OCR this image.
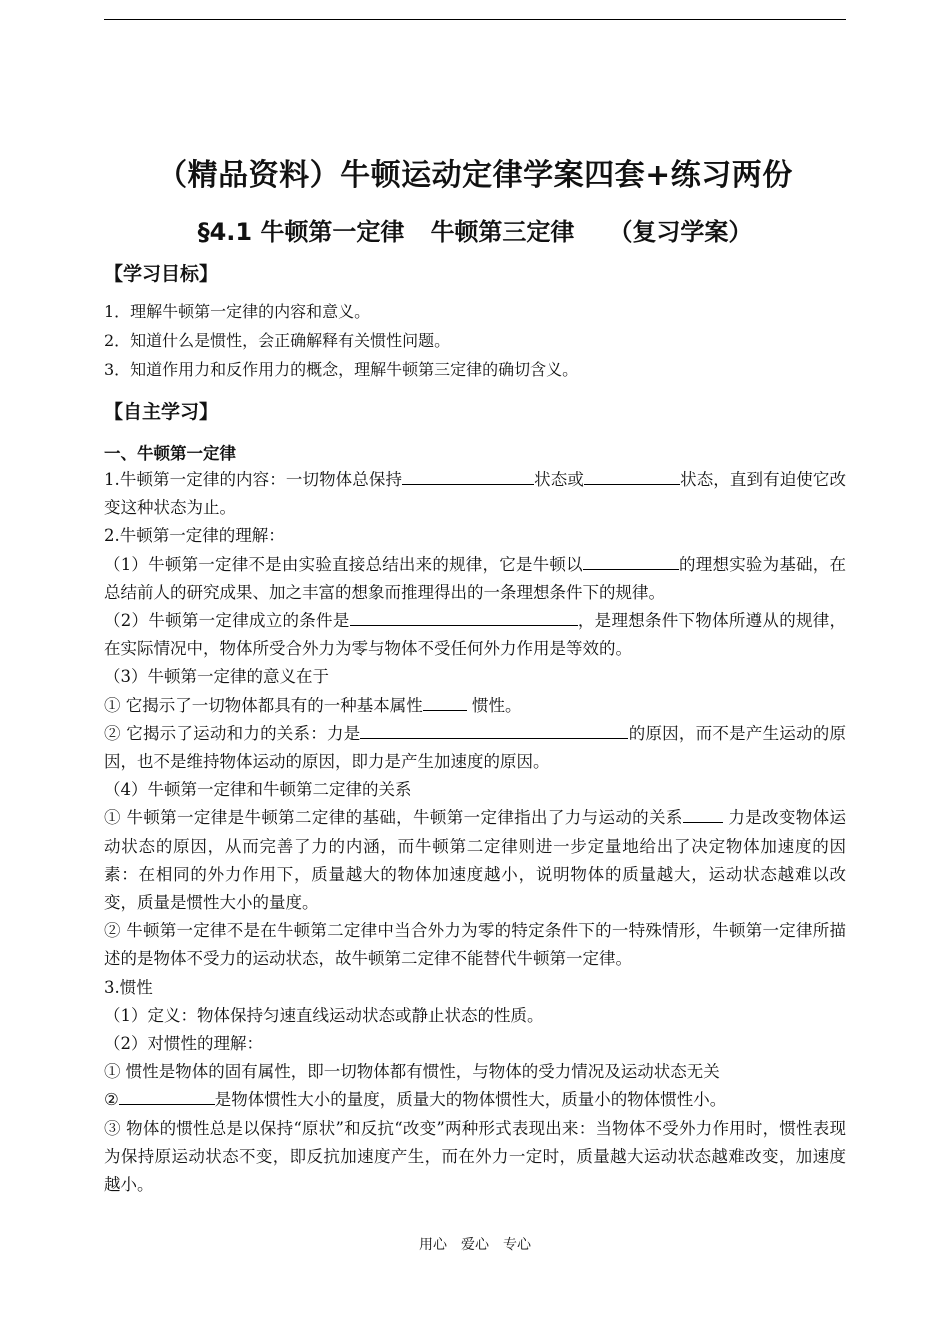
（精品资料）牛顿运动定律学案四套+练习两份
§4.1 牛顿第一定律 牛顿第三定律 （复习学案）
【学习目标】
1．理解牛顿第一定律的内容和意义。
2．知道什么是惯性，会正确解释有关惯性问题。
3．知道作用力和反作用力的概念，理解牛顿第三定律的确切含义。
【自主学习】
一、牛顿第一定律

1.牛顿第一定律的内容：一切物体总保持	状态或	状态，直到有迫使它改变这种状态为止。

2.牛顿第一定律的理解：

（1）牛顿第一定律不是由实验直接总结出来的规律，它是牛顿以	的理想实验为基础，在总结前人的研究成果、加之丰富的想象而推理得出的一条理想条件下的规律。

（2）牛顿第一定律成立的条件是	，是理想条件下物体所遵从的规律，在实际情况中，物体所受合外力为零与物体不受任何外力作用是等效的。

（3）牛顿第一定律的意义在于

① 它揭示了一切物体都具有的一种基本属性	惯性。

② 它揭示了运动和力的关系：力是	的原因，而不是产生运动的原因，也不是维持物体运动的原因，即力是产生加速度的原因。

（4）牛顿第一定律和牛顿第二定律的关系

① 牛顿第一定律是牛顿第二定律的基础，牛顿第一定律指出了力与运动的关系 力是改变物体运动状态的原因，从而完善了力的内涵，而牛顿第二定律则进一步定量地给出了决定物体加速度的因素：在相同的外力作用下，质量越大的物体加速度越小，说明物体的质量越大，运动状态越难以改变，质量是惯性大小的量度。

② 牛顿第一定律不是在牛顿第二定律中当合外力为零的特定条件下的一特殊情形，牛顿第一定律所描述的是物体不受力的运动状态，故牛顿第二定律不能替代牛顿第一定律。

3.惯性

（1）定义：物体保持匀速直线运动状态或静止状态的性质。

（2）对惯性的理解：

① 惯性是物体的固有属性，即一切物体都有惯性，与物体的受力情况及运动状态无关

②	是物体惯性大小的量度，质量大的物体惯性大，质量小的物体惯性小。

③ 物体的惯性总是以保持“原状”和反抗“改变”两种形式表现出来：当物体不受外力作用时，惯性表现为保持原运动状态不变，即反抗加速度产生，而在外力一定时，质量越大运动状态越难改变，加速度越小。

用心 爱心 专心
